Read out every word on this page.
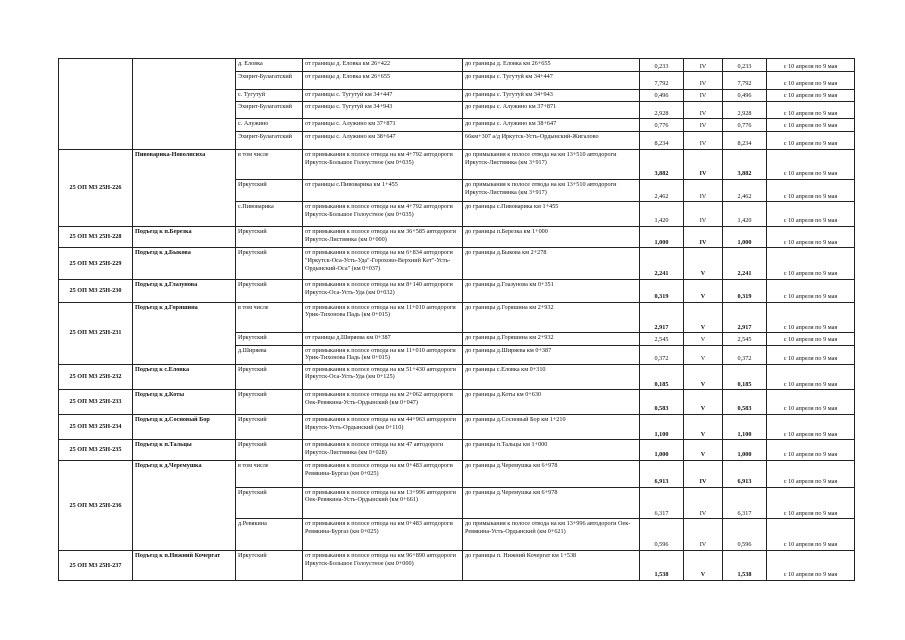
		д. Еловка	от границы д. Еловка км 26+422	до границы д. Еловка км 26+655	0,233	IV	0,233	с 10 апреля по 9 мая
		Эхирит-Булагатский	от границы д. Еловка км 26+655	до границы с. Тугутуй км 34+447	7,792	IV	7,792	с 10 апреля по 9 мая
		с. Тугутуй	от границы с. Тугутуй км 34+447	до границы с. Тугутуй км 34+943	0,496	IV	0,496	с 10 апреля по 9 мая
		Эхирит-Булагатский	от границы с. Тугутуй км 34+943	до границы с. Алужино км 37+871	2,928	IV	2,928	с 10 апреля по 9 мая
		с. Алужино	от границы с. Алужино км 37+871	до границы с. Алужино км 38+647	0,776	IV	0,776	с 10 апреля по 9 мая
		Эхирит-Булагатский	от границы с. Алужино км 38+647	66км+307 а/д Иркутск-Усть-Ордынский-Жигалово	8,234	IV	8,234	с 10 апреля по 9 мая
25 ОП МЗ 25Н-226	Пивоварика-Новолисиха	в том числе	от примыкания к полосе отвода на км 4+792 автодороги Иркутск-Большое Голоустное (км 0+035)	до примыкания к полосе отвода на км 13+510 автодороги Иркутск-Листвянка (км 3+917)	3,882	IV	3,882	с 10 апреля по 9 мая
		Иркутский	от границы с.Пивоварика км 1+455	до примыкания к полосе отвода на км 13+510 автодороги Иркутск-Листвянка (км 3+917)	2,462	IV	2,462	с 10 апреля по 9 мая
		с.Пивоварика	от примыкания к полосе отвода на км 4+792 автодороги Иркутск-Большое Голоустное (км 0+035)	до границы с.Пивоварика км 1+455	1,420	IV	1,420	с 10 апреля по 9 мая
25 ОП МЗ 25Н-228	Подъезд к п.Березка	Иркутский	от примыкания к полосе отвода на км 36+585 автодороги Иркутск-Листвянка (км 0+000)	до границы п.Березка км 1+000	1,000	IV	1,000	с 10 апреля по 9 мая
25 ОП МЗ 25Н-229	Подъезд к д.Быкова	Иркутский	от примыкания к полосе отвода на км 6+834 автодороги "Иркутск-Оса-Усть-Уда"-Горохово-Верхний Кет"-Усть-Ордынский-Оса" (км 0+037)	до границы д.Быкова км 2+278	2,241	V	2,241	с 10 апреля по 9 мая
25 ОП МЗ 25Н-230	Подъезд к д.Глазунова	Иркутский	от примыкания к полосе отвода на км 8+140 автодороги Иркутск-Оса-Усть-Уда (км 0+032)	до границы д.Глазунова км 0+351	0,319	V	0,319	с 10 апреля по 9 мая
25 ОП МЗ 25Н-231	Подъезд к д.Горяшина	в том числе	от примыкания к полосе отвода на км 11+010 автодороги Урик-Тихонова Падь (км 0+015)	до границы д.Горяшина км 2+932	2,917	V	2,917	с 10 апреля по 9 мая
		Иркутский	от границы д.Ширяева км 0+387	до границы д.Горяшина км 2+932	2,545	V	2,545	с 10 апреля по 9 мая
		д.Ширяева	от примыкания к полосе отвода на км 11+010 автодороги Урик-Тихонова Падь (км 0+015)	до границы д.Ширяева км 0+387	0,372	V	0,372	с 10 апреля по 9 мая
25 ОП МЗ 25Н-232	Подъезд к с.Еловка	Иркутский	от примыкания к полосе отвода на км 51+430 автодороги Иркутск-Оса-Усть-Уда (км 0+125)	до границы с.Еловка км 0+310	0,185	V	0,185	с 10 апреля по 9 мая
25 ОП МЗ 25Н-233	Подъезд к д.Коты	Иркутский	от примыкания к полосе отвода на км 2+062 автодороги Оек-Ревякина-Усть-Ордынский (км 0+047)	до границы д.Коты км 0+630	0,583	V	0,583	с 10 апреля по 9 мая
25 ОП МЗ 25Н-234	Подъезд к д.Сосновый Бор	Иркутский	от примыкания к полосе отвода на км 44+963 автодороги Иркутск-Усть-Ордынский (км 0+110)	до границы д.Сосновый Бор км 1+210	1,100	V	1,100	с 10 апреля по 9 мая
25 ОП МЗ 25Н-235	Подъезд к п.Тальцы	Иркутский	от примыкания к полосе отвода на км 47 автодороги Иркутск-Листвянка (км 0+028)	до границы п.Тальцы км 1+000	1,000	V	1,000	с 10 апреля по 9 мая
25 ОП МЗ 25Н-236	Подъезд к д.Черемушка	в том числе	от примыкания к полосе отвода на км 0+483 автодороги Ревякина-Бургаз (км 0+025)	до границы д.Черемушка км 6+978	6,913	IV	6,913	с 10 апреля по 9 мая
		Иркутский	от примыкания к полосе отвода на км 13+996 автодороги Оек-Ревякина-Усть-Ордынский (км 0+661)	до границы д.Черемушка км 6+978	6,317	IV	6,317	с 10 апреля по 9 мая
		д.Ревякина	от примыкания к полосе отвода на км 0+483 автодороги Ревякина-Бургаз (км 0+025)	до примыкания к полосе отвода на км 13+996 автодороги Оек-Ревякина-Усть-Ордынский (км 0+621)	0,596	IV	0,596	с 10 апреля по 9 мая
25 ОП МЗ 25Н-237	Подъезд к п.Нижний Кочергат	Иркутский	от примыкания к полосе отвода на км 96+890 автодороги Иркутск-Большое Голоустное (км 0+000)	до границы п. Нижний Кочергат км 1+538	1,538	V	1,538	с 10 апреля по 9 мая
